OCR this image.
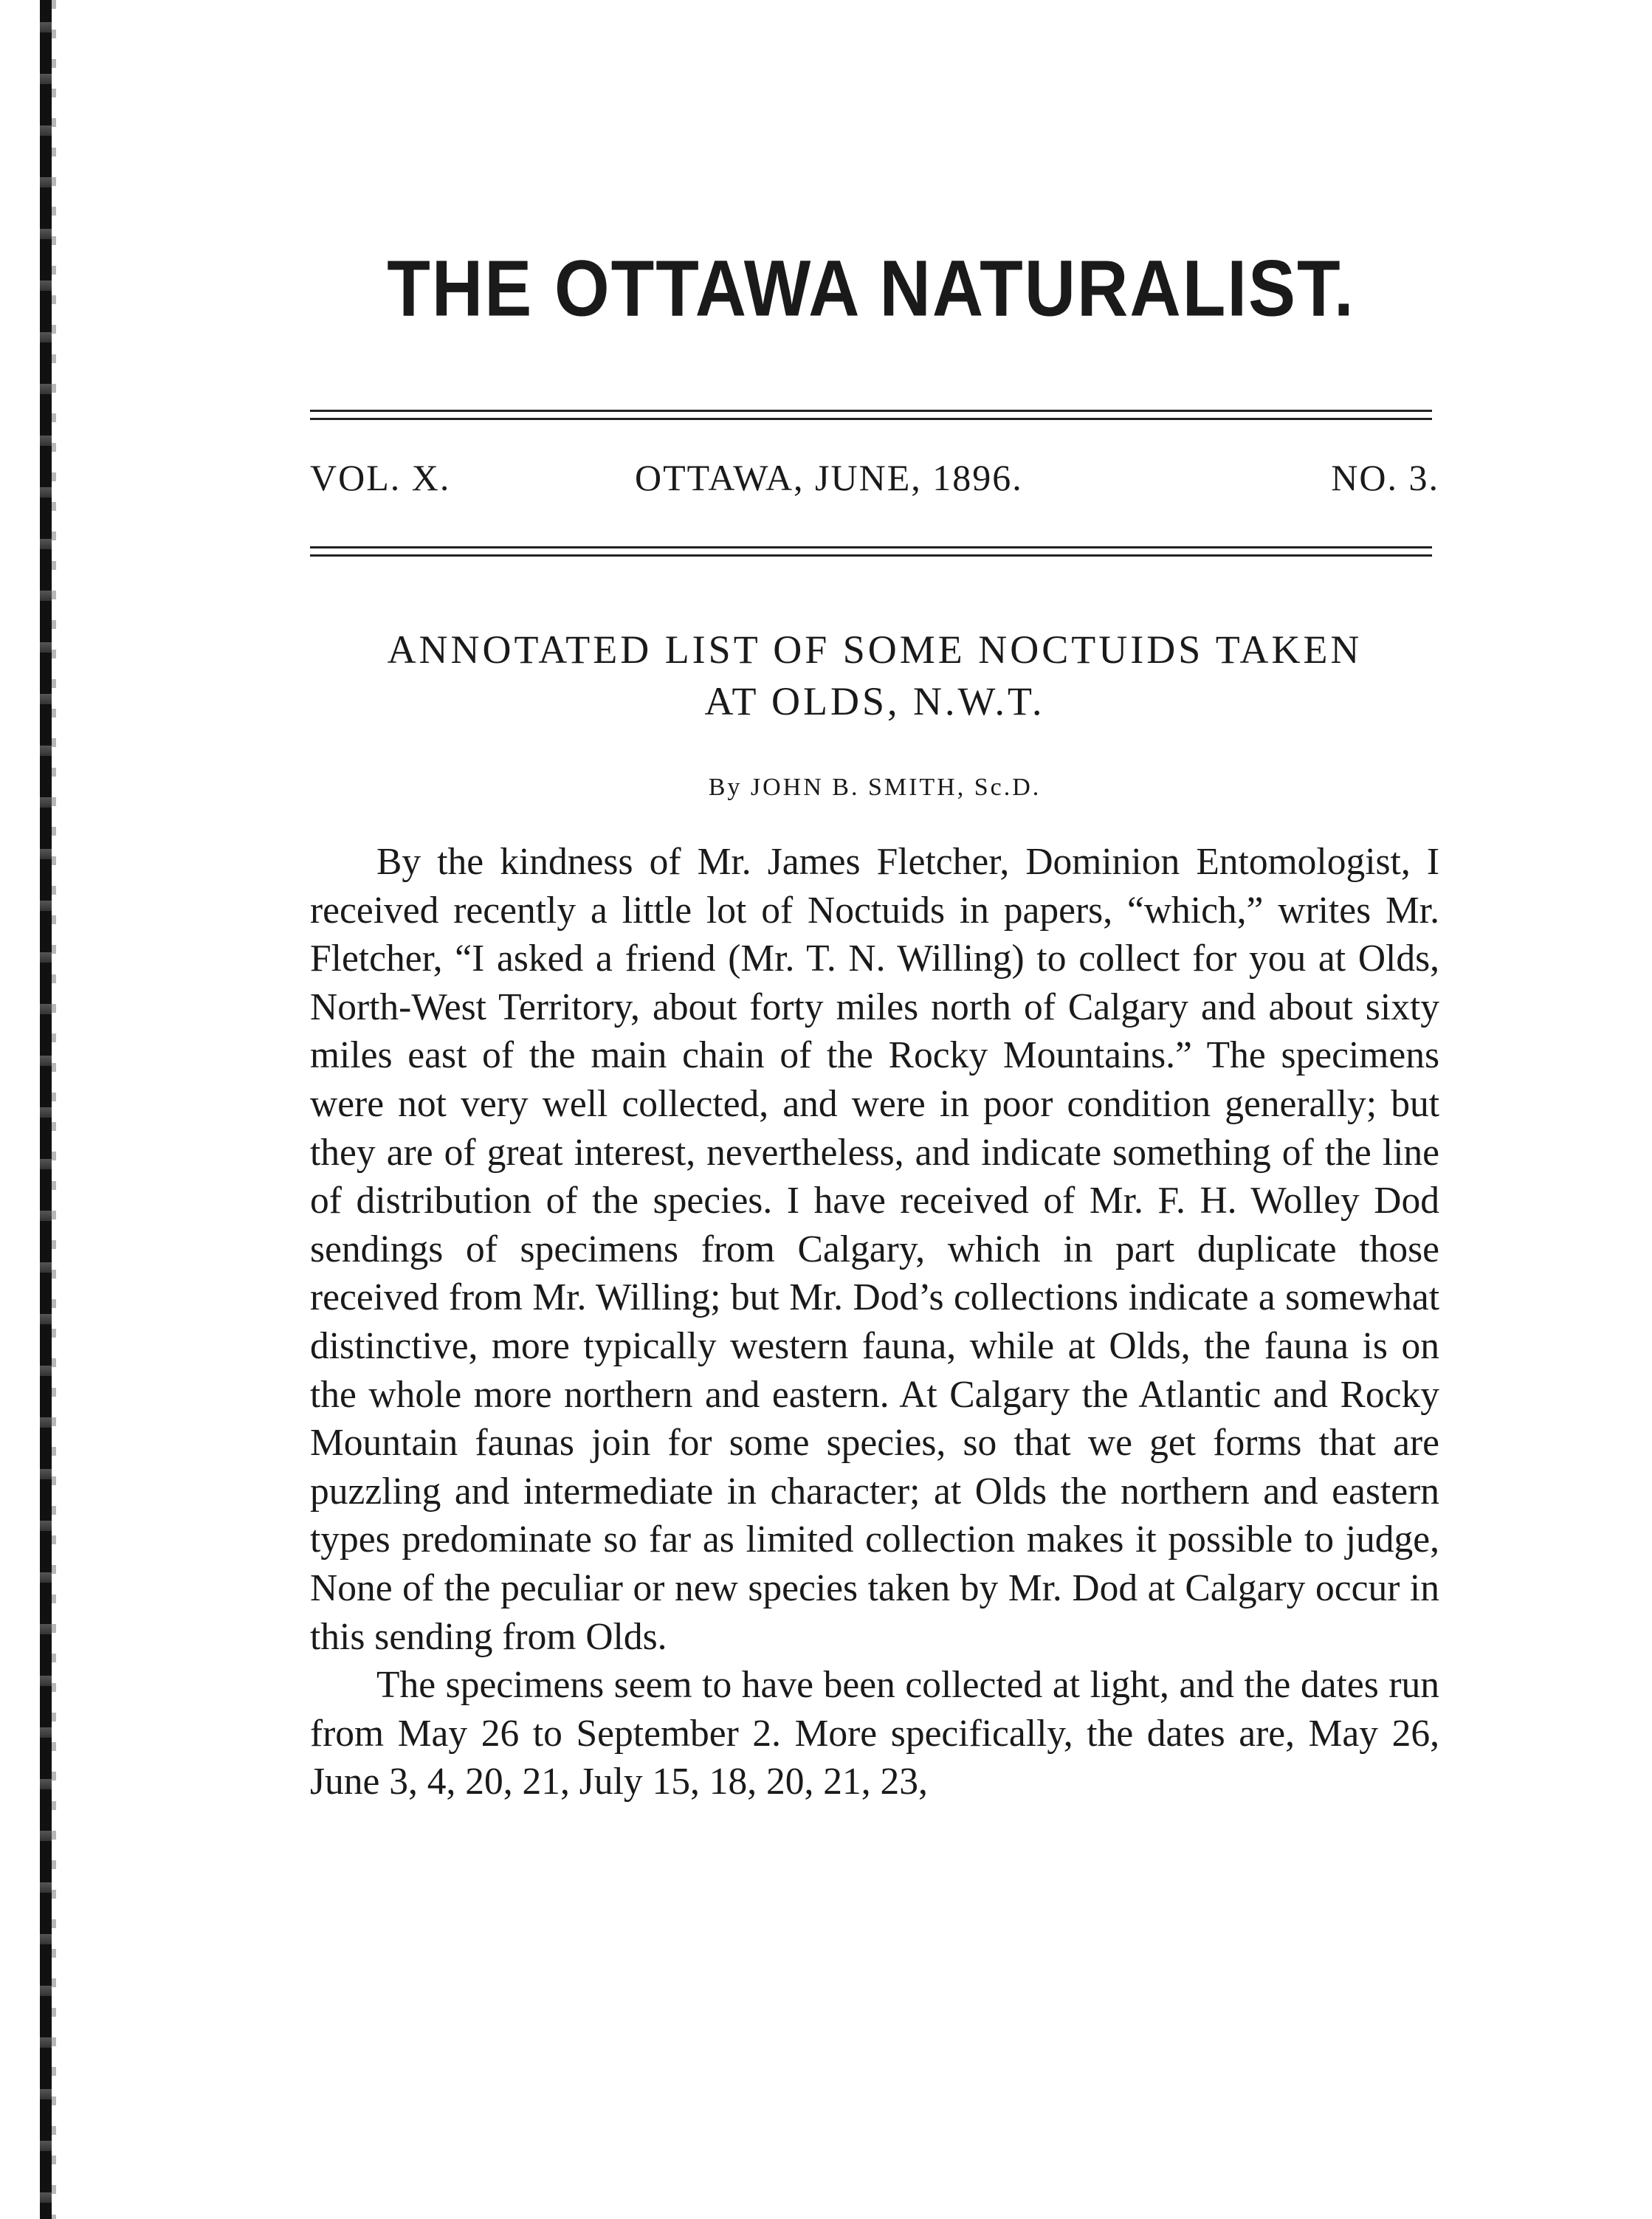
THE OTTAWA NATURALIST.
VOL. X.	OTTAWA, JUNE, 1896.	NO. 3.
ANNOTATED LIST OF SOME NOCTUIDS TAKEN
AT OLDS, N.W.T.
By JOHN B. SMITH, Sc.D.

By the kindness of Mr. James Fletcher, Dominion Entomologist, I received recently a little lot of Noctuids in papers, “which,” writes Mr. Fletcher, “I asked a friend (Mr. T. N. Willing) to collect for you at Olds, North-West Territory, about forty miles north of Calgary and about sixty miles east of the main chain of the Rocky Mountains.” The specimens were not very well collected, and were in poor condition generally; but they are of great interest, nevertheless, and indicate something of the line of distribution of the species. I have received of Mr. F. H. Wolley Dod sendings of specimens from Calgary, which in part duplicate those received from Mr. Willing; but Mr. Dod’s collections indicate a somewhat distinctive, more typically western fauna, while at Olds, the fauna is on the whole more northern and eastern. At Calgary the Atlantic and Rocky Mountain faunas join for some species, so that we get forms that are puzzling and intermediate in character; at Olds the northern and eastern types predominate so far as limited collection makes it possible to judge, None of the peculiar or new species taken by Mr. Dod at Calgary occur in this sending from Olds.

The specimens seem to have been collected at light, and the dates run from May 26 to September 2. More specifically, the dates are, May 26, June 3, 4, 20, 21, July 15, 18, 20, 21, 23,
